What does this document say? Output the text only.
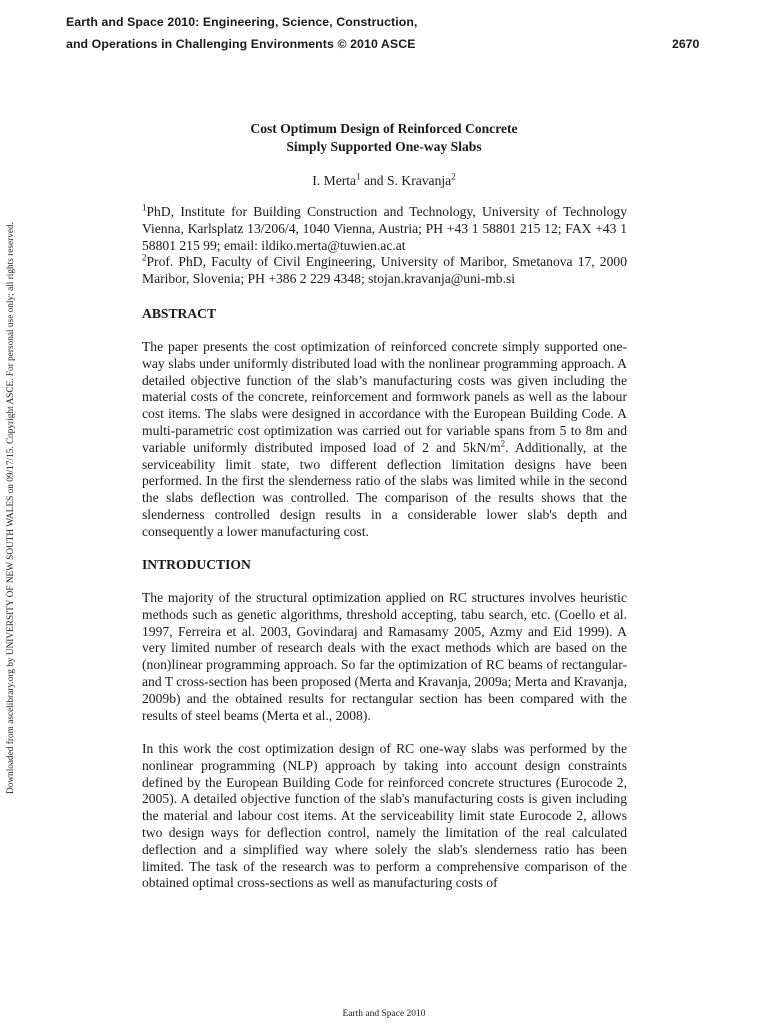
Earth and Space 2010: Engineering, Science, Construction,
and Operations in Challenging Environments © 2010 ASCE	2670
Downloaded from ascelibrary.org by UNIVERSITY OF NEW SOUTH WALES on 09/17/15. Copyright ASCE. For personal use only; all rights reserved.
Cost Optimum Design of Reinforced Concrete
Simply Supported One-way Slabs
I. Merta$^1$ and S. Kravanja$^2$

$^1$PhD, Institute for Building Construction and Technology, University of Technology Vienna, Karlsplatz 13/206/4, 1040 Vienna, Austria; PH +43 1 58801 215 12; FAX +43 1 58801 215 99; email: ildiko.merta@tuwien.ac.at

$^2$Prof. PhD, Faculty of Civil Engineering, University of Maribor, Smetanova 17, 2000 Maribor, Slovenia; PH +386 2 229 4348; stojan.kravanja@uni-mb.si

ABSTRACT

The paper presents the cost optimization of reinforced concrete simply supported one-way slabs under uniformly distributed load with the nonlinear programming approach. A detailed objective function of the slab’s manufacturing costs was given including the material costs of the concrete, reinforcement and formwork panels as well as the labour cost items. The slabs were designed in accordance with the European Building Code. A multi-parametric cost optimization was carried out for variable spans from 5 to 8m and variable uniformly distributed imposed load of 2 and $5kN/m^2$. Additionally, at the serviceability limit state, two different deflection limitation designs have been performed. In the first the slenderness ratio of the slabs was limited while in the second the slabs deflection was controlled. The comparison of the results shows that the slenderness controlled design results in a considerable lower slab's depth and consequently a lower manufacturing cost.

INTRODUCTION

The majority of the structural optimization applied on RC structures involves heuristic methods such as genetic algorithms, threshold accepting, tabu search, etc. (Coello et al. 1997, Ferreira et al. 2003, Govindaraj and Ramasamy 2005, Azmy and Eid 1999). A very limited number of research deals with the exact methods which are based on the (non)linear programming approach. So far the optimization of RC beams of rectangular- and T cross-section has been proposed (Merta and Kravanja, 2009a; Merta and Kravanja, 2009b) and the obtained results for rectangular section has been compared with the results of steel beams (Merta et al., 2008).

In this work the cost optimization design of RC one-way slabs was performed by the nonlinear programming (NLP) approach by taking into account design constraints defined by the European Building Code for reinforced concrete structures (Eurocode 2, 2005). A detailed objective function of the slab's manufacturing costs is given including the material and labour cost items. At the serviceability limit state Eurocode 2, allows two design ways for deflection control, namely the limitation of the real calculated deflection and a simplified way where solely the slab's slenderness ratio has been limited. The task of the research was to perform a comprehensive comparison of the obtained optimal cross-sections as well as manufacturing costs of

Earth and Space 2010
